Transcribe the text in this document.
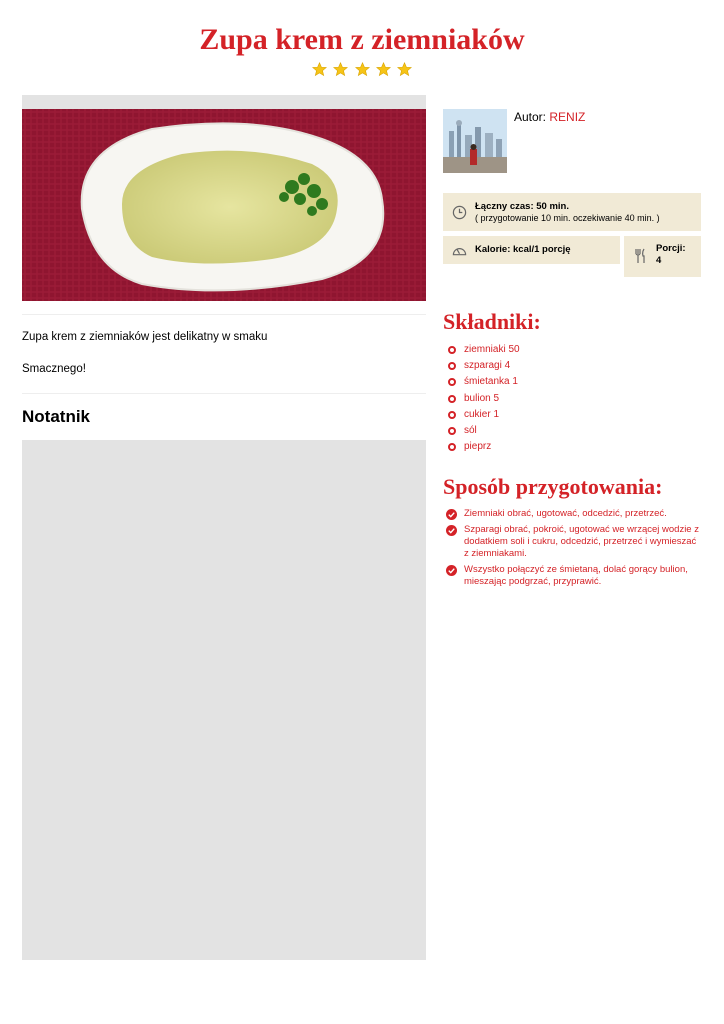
Zupa krem z ziemniaków

Zupa krem z ziemniaków jest delikatny w smaku

Smacznego!

Notatnik
Autor: RENIZ
Łączny czas: 50 min.
( przygotowanie 10 min. oczekiwanie 40 min. )
Kalorie: kcal/1 porcję	Porcji:
4
Składniki:
ziemniaki 50
szparagi 4
śmietanka 1
bulion 5
cukier 1
sól
pieprz
Sposób przygotowania:
Ziemniaki obrać, ugotować, odcedzić, przetrzeć.
Szparagi obrać, pokroić, ugotować we wrzącej wodzie z dodatkiem soli i cukru, odcedzić, przetrzeć i wymieszać z ziemniakami.
Wszystko połączyć ze śmietaną, dolać gorący bulion, mieszając podgrzać, przyprawić.
